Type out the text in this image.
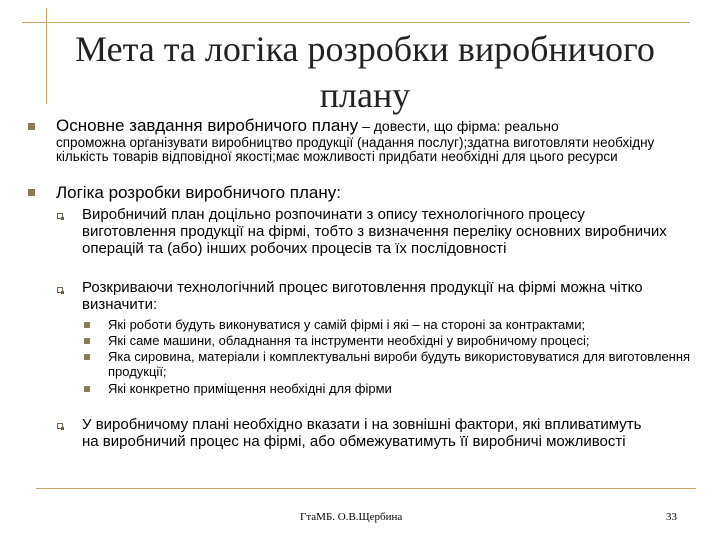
Мета та логіка розробки виробничого плану
Основне завдання виробничого плану – довести, що фірма: реально
спроможна організувати виробництво продукції (надання послуг);здатна виготовляти необхідну кількість товарів відповідної якості;має можливості придбати необхідні для цього ресурси
Логіка розробки виробничого плану:
Виробничий план доцільно розпочинати з опису технологічного процесу виготовлення продукції на фірмі, тобто з визначення переліку основних виробничих операцій та (або) інших робочих процесів та їх послідовності
Розкриваючи технологічний процес виготовлення продукції на фірмі можна чітко визначити:
Які роботи будуть виконуватися у самій фірмі і які – на стороні за контрактами;
Які саме машини, обладнання та інструменти необхідні у виробничому процесі;
Яка сировина, матеріали і комплектувальні вироби будуть використовуватися для виготовлення продукції;
Які конкретно приміщення необхідні для фірми
У виробничому плані необхідно вказати і на зовнішні фактори, які впливатимуть на виробничий процес на фірмі, або обмежуватимуть її виробничі можливості
ГтаМБ. О.В.Щербина	33
